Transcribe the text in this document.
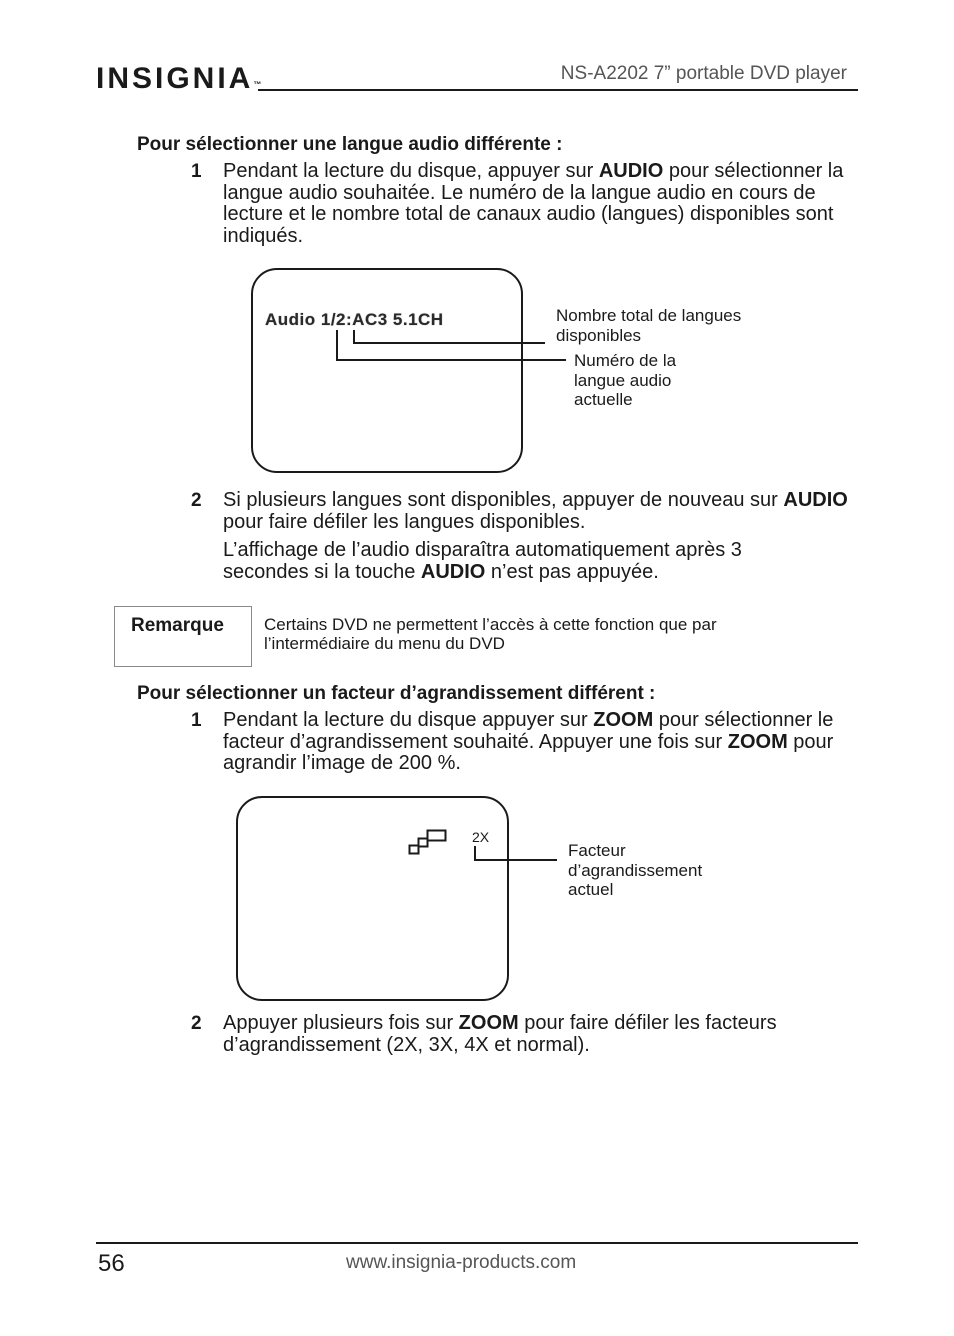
INSIGNIA™
NS-A2202 7” portable DVD player
Pour sélectionner une langue audio différente :
1 Pendant la lecture du disque, appuyer sur AUDIO pour sélectionner la langue audio souhaitée. Le numéro de la langue audio en cours de lecture et le nombre total de canaux audio (langues) disponibles sont indiqués.
Audio 1/2:AC3 5.1CH	Nombre total de langues disponibles
Numéro de la langue audio actuelle
2 Si plusieurs langues sont disponibles, appuyer de nouveau sur AUDIO pour faire défiler les langues disponibles.
L’affichage de l’audio disparaîtra automatiquement après 3 secondes si la touche AUDIO n’est pas appuyée.
Remarque Certains DVD ne permettent l’accès à cette fonction que par l’intermédiaire du menu du DVD
Pour sélectionner un facteur d’agrandissement différent :
1 Pendant la lecture du disque appuyer sur ZOOM pour sélectionner le facteur d’agrandissement souhaité. Appuyer une fois sur ZOOM pour agrandir l’image de 200 %.
2X
Facteur d’agrandissement actuel
2 Appuyer plusieurs fois sur ZOOM pour faire défiler les facteurs d’agrandissement (2X, 3X, 4X et normal).
56	www.insignia-products.com
